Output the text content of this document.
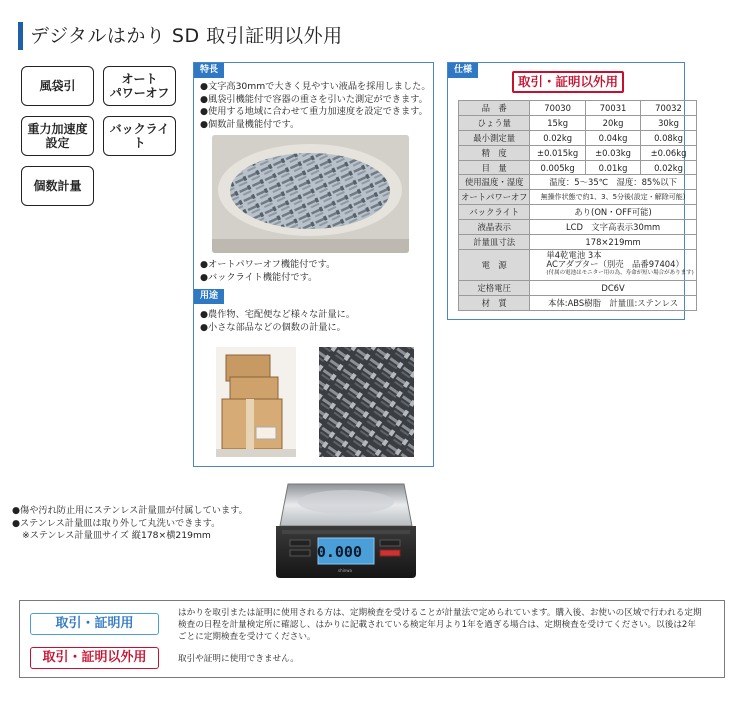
デジタルはかり SD 取引証明以外用
風袋引	オート
パワーオフ
重力加速度
設定
バックライト
個数計量
特長
●文字高30mmで大きく見やすい液晶を採用しました。
●風袋引機能付で容器の重さを引いた測定ができます。
●使用する地域に合わせて重力加速度を設定できます。
●個数計量機能付です。
●オートパワーオフ機能付です。
●バックライト機能付です。
用途
●農作物、宅配便など様々な計量に。
●小さな部品などの個数の計量に。
仕様
取引・証明以外用
品　番	70030	70031	70032
ひょう量	15kg	20kg	30kg
最小測定量	0.02kg	0.04kg	0.08kg
精　度	±0.015kg	±0.03kg	±0.06kg
目　量	0.005kg	0.01kg	0.02kg
使用温度・湿度	温度：5〜35℃　湿度：85%以下		
オートパワーオフ	無操作状態で約1、3、5分後(設定・解除可能)		
バックライト	あり(ON・OFF可能)		
液晶表示	LCD　文字高表示30mm		
計量皿寸法	178×219mm		
電　源	単4乾電池 3本
ACアダプター（別売　品番97404）
(付属の電池はモニター用の為、寿命が短い場合があります)		

定格電圧	DC6V		
材　質	本体:ABS樹脂　計量皿:ステンレス		
●傷や汚れ防止用にステンレス計量皿が付属しています。
●ステンレス計量皿は取り外して丸洗いできます。
※ステンレス計量皿サイズ 縦178×横219mm
0.000
shinwa
取引・証明用
はかりを取引または証明に使用される方は、定期検査を受けることが計量法で定められています。購入後、お使いの区域で行われる定期
検査の日程を計量検定所に確認し、はかりに記載されている検定年月より1年を過ぎる場合は、定期検査を受けてください。以後は2年
ごとに定期検査を受けてください。
取引・証明以外用	取引や証明に使用できません。
